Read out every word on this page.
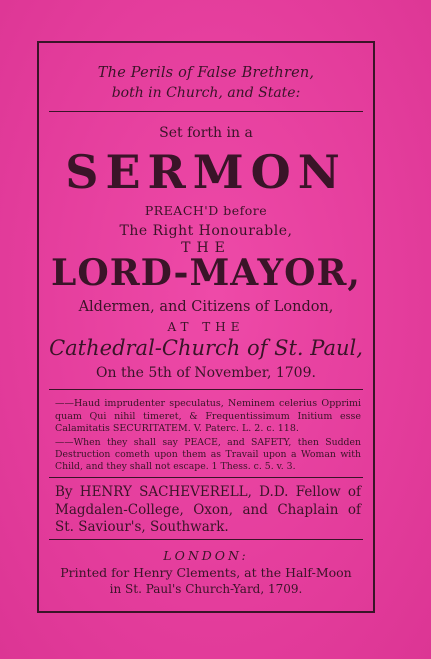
The Perils of False Brethren,
both in Church, and State:
Set forth in a
SERMON
PREACH'D before
The Right Honourable,
THE
LORD-MAYOR,
Aldermen, and Citizens of London,
AT THE
Cathedral-Church of St. Paul,
On the 5th of November, 1709.
——Haud imprudenter speculatus, Neminem celerius Opprimi quam Qui nihil timeret, & Frequentissimum Initium esse Calamitatis SECURITATEM. V. Paterc. L. 2. c. 118.
——When they shall say PEACE, and SAFETY, then Sudden Destruction cometh upon them as Travail upon a Woman with Child, and they shall not escape. 1 Thess. c. 5. v. 3.
By HENRY SACHEVERELL, D.D. Fellow of Magdalen-College, Oxon, and Chaplain of St. Saviour's, Southwark.
LONDON:
Printed for Henry Clements, at the Half-Moon
in St. Paul's Church-Yard, 1709.
